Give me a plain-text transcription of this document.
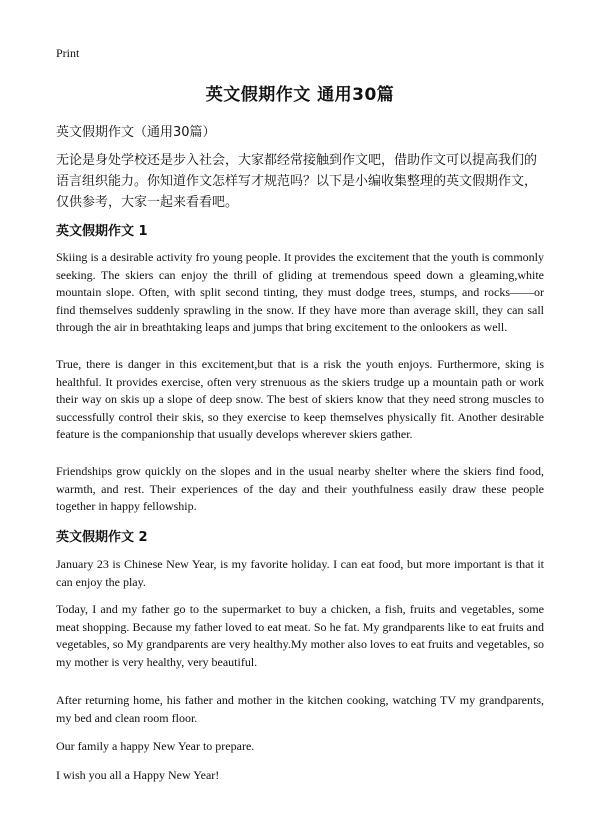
Print
英文假期作文 通用30篇
英文假期作文（通用30篇）

无论是身处学校还是步入社会，大家都经常接触到作文吧，借助作文可以提高我们的语言组织能力。你知道作文怎样写才规范吗？以下是小编收集整理的英文假期作文，仅供参考，大家一起来看看吧。

英文假期作文 1

Skiing is a desirable activity fro young people. It provides the excitement that the youth is commonly seeking. The skiers can enjoy the thrill of gliding at tremendous speed down a gleaming,white mountain slope. Often, with split second tinting, they must dodge trees, stumps, and rocks——or find themselves suddenly sprawling in the snow. If they have more than average skill, they can sall through the air in breathtaking leaps and jumps that bring excitement to the onlookers as well.

True, there is danger in this excitement,but that is a risk the youth enjoys. Furthermore, sking is healthful. It provides exercise, often very strenuous as the skiers trudge up a mountain path or work their way on skis up a slope of deep snow. The best of skiers know that they need strong muscles to successfully control their skis, so they exercise to keep themselves physically fit. Another desirable feature is the companionship that usually develops wherever skiers gather.

Friendships grow quickly on the slopes and in the usual nearby shelter where the skiers find food, warmth, and rest. Their experiences of the day and their youthfulness easily draw these people together in happy fellowship.

英文假期作文 2

January 23 is Chinese New Year, is my favorite holiday. I can eat food, but more important is that it can enjoy the play.

Today, I and my father go to the supermarket to buy a chicken, a fish, fruits and vegetables, some meat shopping. Because my father loved to eat meat. So he fat. My grandparents like to eat fruits and vegetables, so My grandparents are very healthy.My mother also loves to eat fruits and vegetables, so my mother is very healthy, very beautiful.

After returning home, his father and mother in the kitchen cooking, watching TV my grandparents, my bed and clean room floor.

Our family a happy New Year to prepare.

I wish you all a Happy New Year!
